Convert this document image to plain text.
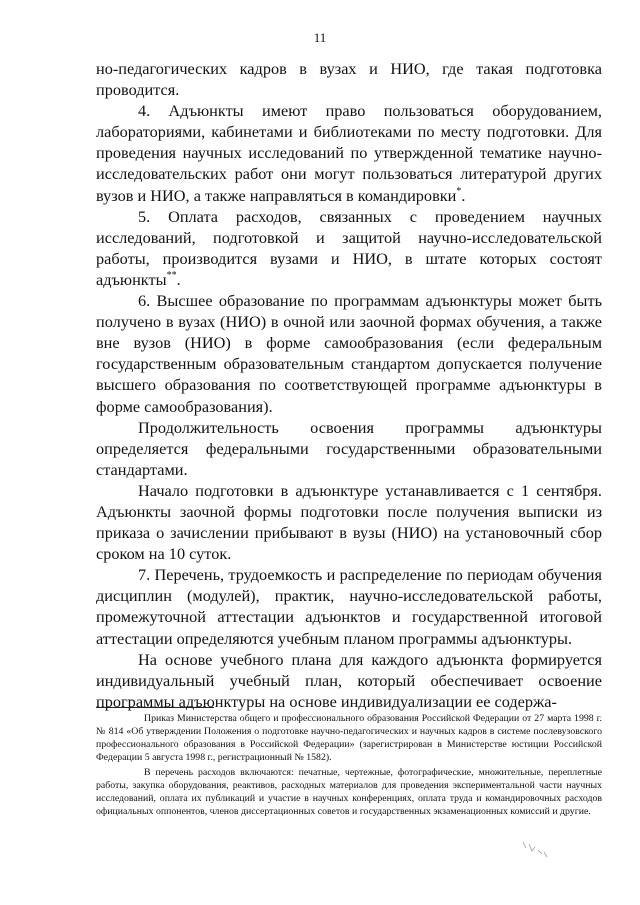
11

но-педагогических кадров в вузах и НИО, где такая подготовка проводится.

4. Адъюнкты имеют право пользоваться оборудованием, лабораториями, кабинетами и библиотеками по месту подготовки. Для проведения научных исследований по утвержденной тематике научно-исследовательских работ они могут пользоваться литературой других вузов и НИО, а также направляться в командировки*.

5. Оплата расходов, связанных с проведением научных исследований, подготовкой и защитой научно-исследовательской работы, производится вузами и НИО, в штате которых состоят адъюнкты**.

6. Высшее образование по программам адъюнктуры может быть получено в вузах (НИО) в очной или заочной формах обучения, а также вне вузов (НИО) в форме самообразования (если федеральным государственным образовательным стандартом допускается получение высшего образования по соответствующей программе адъюнктуры в форме самообразования).

Продолжительность освоения программы адъюнктуры определяется федеральными государственными образовательными стандартами.

Начало подготовки в адъюнктуре устанавливается с 1 сентября. Адъюнкты заочной формы подготовки после получения выписки из приказа о зачислении прибывают в вузы (НИО) на установочный сбор сроком на 10 суток.

7. Перечень, трудоемкость и распределение по периодам обучения дисциплин (модулей), практик, научно-исследовательской работы, промежуточной аттестации адъюнктов и государственной итоговой аттестации определяются учебным планом программы адъюнктуры.

На основе учебного плана для каждого адъюнкта формируется индивидуальный учебный план, который обеспечивает освоение программы адъюнктуры на основе индивидуализации ее содержа-

Приказ Министерства общего и профессионального образования Российской Федерации от 27 марта 1998 г. № 814 «Об утверждении Положения о подготовке научно-педагогических и научных кадров в системе послевузовского профессионального образования в Российской Федерации» (зарегистрирован в Министерстве юстиции Российской Федерации 5 августа 1998 г., регистрационный № 1582).

В перечень расходов включаются: печатные, чертежные, фотографические, множительные, переплетные работы, закупка оборудования, реактивов, расходных материалов для проведения экспериментальной части научных исследований, оплата их публикаций и участие в научных конференциях, оплата труда и командировочных расходов официальных оппонентов, членов диссертационных советов и государственных экзаменационных комиссий и другие.
